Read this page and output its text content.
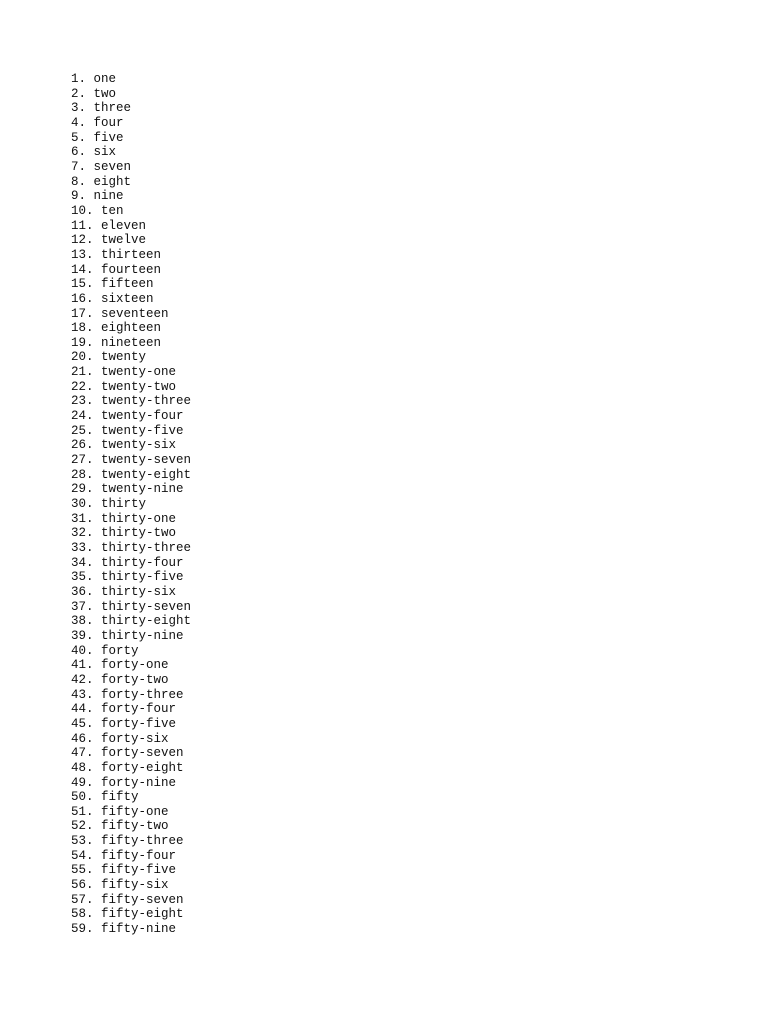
1. one
2. two
3. three
4. four
5. five
6. six
7. seven
8. eight
9. nine
10. ten
11. eleven
12. twelve
13. thirteen
14. fourteen
15. fifteen
16. sixteen
17. seventeen
18. eighteen
19. nineteen
20. twenty
21. twenty-one
22. twenty-two
23. twenty-three
24. twenty-four
25. twenty-five
26. twenty-six
27. twenty-seven
28. twenty-eight
29. twenty-nine
30. thirty
31. thirty-one
32. thirty-two
33. thirty-three
34. thirty-four
35. thirty-five
36. thirty-six
37. thirty-seven
38. thirty-eight
39. thirty-nine
40. forty
41. forty-one
42. forty-two
43. forty-three
44. forty-four
45. forty-five
46. forty-six
47. forty-seven
48. forty-eight
49. forty-nine
50. fifty
51. fifty-one
52. fifty-two
53. fifty-three
54. fifty-four
55. fifty-five
56. fifty-six
57. fifty-seven
58. fifty-eight
59. fifty-nine
